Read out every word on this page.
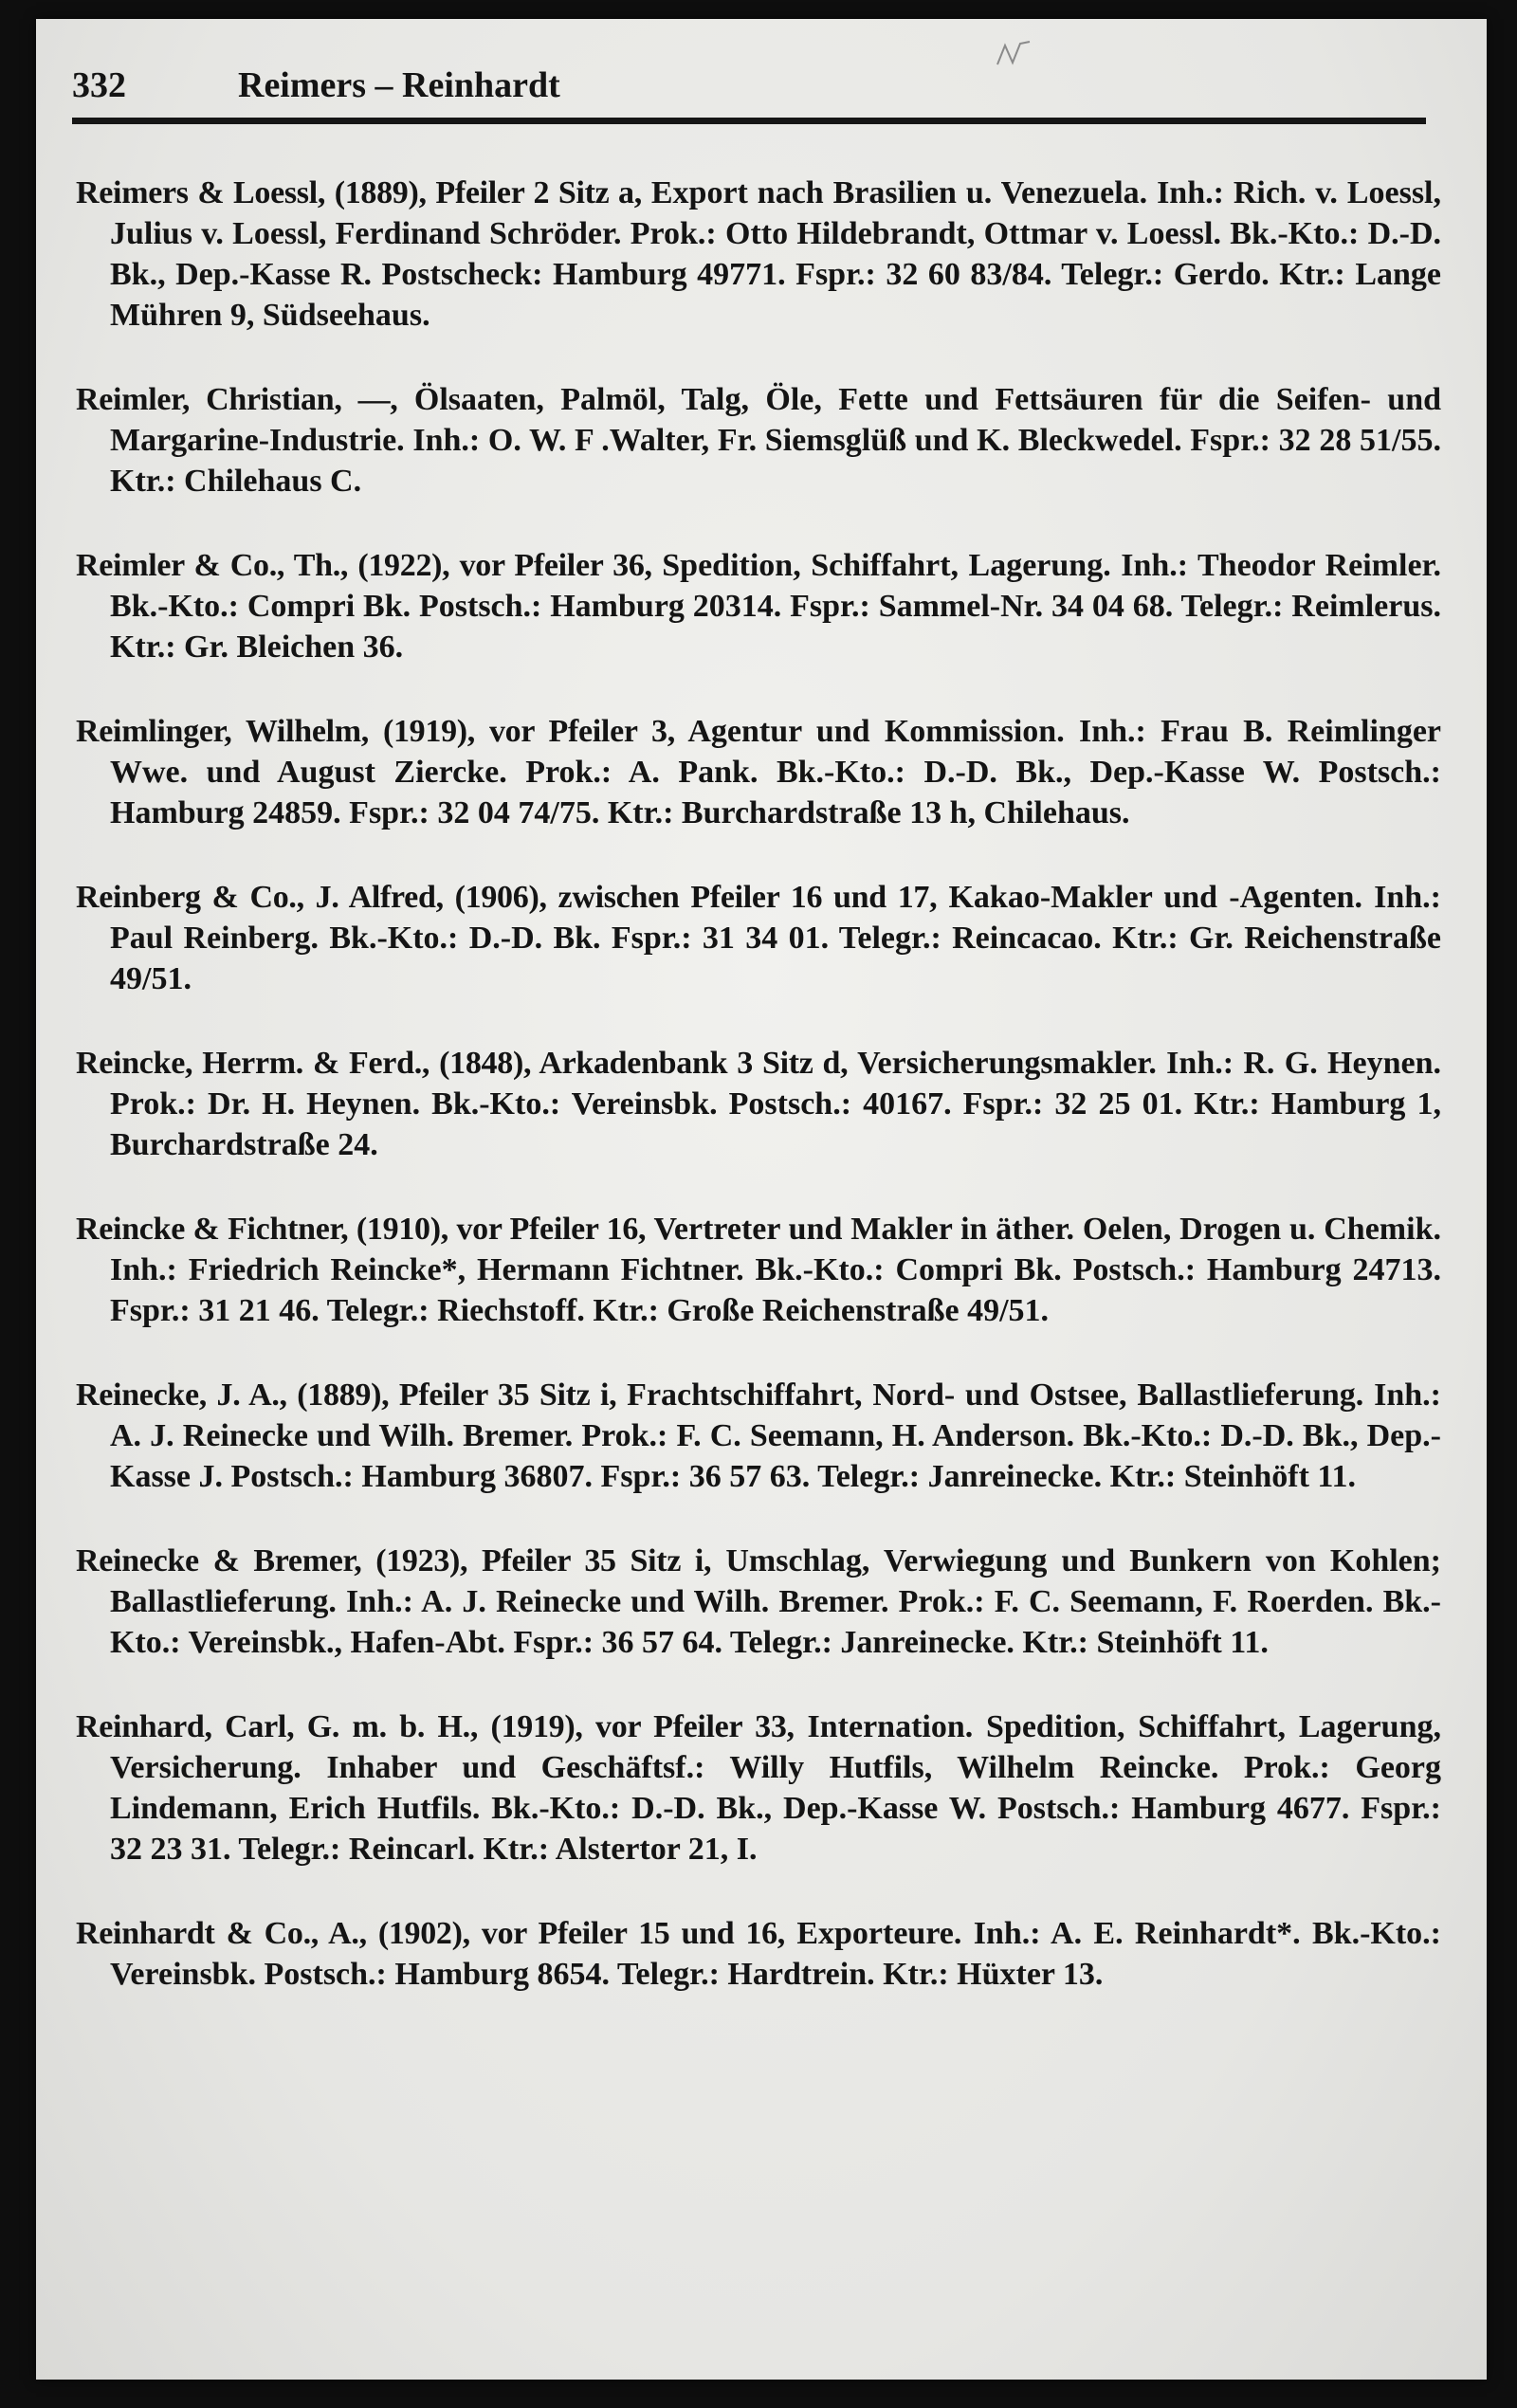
332	Reimers – Reinhardt

Reimers & Loessl, (1889), Pfeiler 2 Sitz a, Export nach Brasilien u. Venezuela. Inh.: Rich. v. Loessl, Julius v. Loessl, Ferdinand Schröder. Prok.: Otto Hildebrandt, Ottmar v. Loessl. Bk.-Kto.: D.-D. Bk., Dep.-Kasse R. Postscheck: Hamburg 49771. Fspr.: 32 60 83/84. Telegr.: Gerdo. Ktr.: Lange Mühren 9, Südseehaus.

Reimler, Christian, —, Ölsaaten, Palmöl, Talg, Öle, Fette und Fettsäuren für die Seifen- und Margarine-Industrie. Inh.: O. W. F .Walter, Fr. Siemsglüß und K. Bleckwedel. Fspr.: 32 28 51/55. Ktr.: Chilehaus C.

Reimler & Co., Th., (1922), vor Pfeiler 36, Spedition, Schiffahrt, Lagerung. Inh.: Theodor Reimler. Bk.-Kto.: Compri Bk. Postsch.: Hamburg 20314. Fspr.: Sammel-Nr. 34 04 68. Telegr.: Reimlerus. Ktr.: Gr. Bleichen 36.

Reimlinger, Wilhelm, (1919), vor Pfeiler 3, Agentur und Kommission. Inh.: Frau B. Reimlinger Wwe. und August Ziercke. Prok.: A. Pank. Bk.-Kto.: D.-D. Bk., Dep.-Kasse W. Postsch.: Hamburg 24859. Fspr.: 32 04 74/75. Ktr.: Burchardstraße 13 h, Chilehaus.

Reinberg & Co., J. Alfred, (1906), zwischen Pfeiler 16 und 17, Kakao-Makler und -Agenten. Inh.: Paul Reinberg. Bk.-Kto.: D.-D. Bk. Fspr.: 31 34 01. Telegr.: Reincacao. Ktr.: Gr. Reichenstraße 49/51.

Reincke, Herrm. & Ferd., (1848), Arkadenbank 3 Sitz d, Versicherungsmakler. Inh.: R. G. Heynen. Prok.: Dr. H. Heynen. Bk.-Kto.: Vereinsbk. Postsch.: 40167. Fspr.: 32 25 01. Ktr.: Hamburg 1, Burchardstraße 24.

Reincke & Fichtner, (1910), vor Pfeiler 16, Vertreter und Makler in äther. Oelen, Drogen u. Chemik. Inh.: Friedrich Reincke*, Hermann Fichtner. Bk.-Kto.: Compri Bk. Postsch.: Hamburg 24713. Fspr.: 31 21 46. Telegr.: Riechstoff. Ktr.: Große Reichenstraße 49/51.

Reinecke, J. A., (1889), Pfeiler 35 Sitz i, Frachtschiffahrt, Nord- und Ostsee, Ballastlieferung. Inh.: A. J. Reinecke und Wilh. Bremer. Prok.: F. C. Seemann, H. Anderson. Bk.-Kto.: D.-D. Bk., Dep.-Kasse J. Postsch.: Hamburg 36807. Fspr.: 36 57 63. Telegr.: Janreinecke. Ktr.: Steinhöft 11.

Reinecke & Bremer, (1923), Pfeiler 35 Sitz i, Umschlag, Verwiegung und Bunkern von Kohlen; Ballastlieferung. Inh.: A. J. Reinecke und Wilh. Bremer. Prok.: F. C. Seemann, F. Roerden. Bk.-Kto.: Vereinsbk., Hafen-Abt. Fspr.: 36 57 64. Telegr.: Janreinecke. Ktr.: Steinhöft 11.

Reinhard, Carl, G. m. b. H., (1919), vor Pfeiler 33, Internation. Spedition, Schiffahrt, Lagerung, Versicherung. Inhaber und Geschäftsf.: Willy Hutfils, Wilhelm Reincke. Prok.: Georg Lindemann, Erich Hutfils. Bk.-Kto.: D.-D. Bk., Dep.-Kasse W. Postsch.: Hamburg 4677. Fspr.: 32 23 31. Telegr.: Reincarl. Ktr.: Alstertor 21, I.

Reinhardt & Co., A., (1902), vor Pfeiler 15 und 16, Exporteure. Inh.: A. E. Reinhardt*. Bk.-Kto.: Vereinsbk. Postsch.: Hamburg 8654. Telegr.: Hardtrein. Ktr.: Hüxter 13.
